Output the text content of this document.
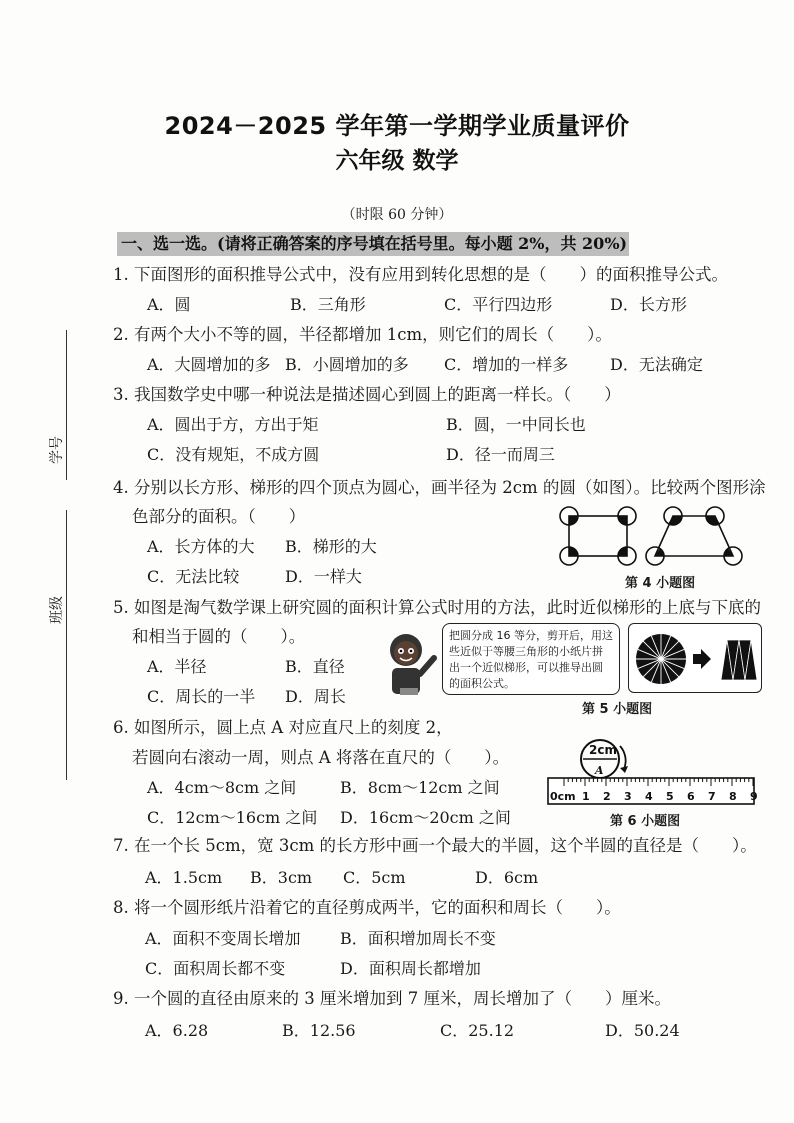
学号
班级
2024－2025 学年第一学期学业质量评价
六年级 数学
（时限 60 分钟）
一、选一选。(请将正确答案的序号填在括号里。每小题 2%，共 20%)
1. 下面图形的面积推导公式中，没有应用到转化思想的是（　　）的面积推导公式。
A．圆	B．三角形	C．平行四边形	D．长方形
2. 有两个大小不等的圆，半径都增加 1cm，则它们的周长（　　）。
A．大圆增加的多 B．小圆增加的多 C．增加的一样多	D．无法确定
3. 我国数学史中哪一种说法是描述圆心到圆上的距离一样长。（　　）
A．圆出于方，方出于矩	B．圆，一中同长也
C．没有规矩，不成方圆	D．径一而周三
4. 分别以长方形、梯形的四个顶点为圆心，画半径为 2cm 的圆（如图）。比较两个图形涂
色部分的面积。（　　）
A．长方体的大 B．梯形的大
C．无法比较	D．一样大	第 4 小题图
5. 如图是淘气数学课上研究圆的面积计算公式时用的方法，此时近似梯形的上底与下底的
和相当于圆的（　　）。
A．半径	B．直径
C．周长的一半 D．周长
把圆分成 16 等分，剪开后，用这些近似于等腰三角形的小纸片拼出一个近似梯形，可以推导出圆的面积公式。
第 5 小题图
6. 如图所示，圆上点 A 对应直尺上的刻度 2，
若圆向右滚动一周，则点 A 将落在直尺的（　　）。
A．4cm～8cm 之间	B．8cm～12cm 之间
C．12cm～16cm 之间 D．16cm～20cm 之间
2cm
A
0cm 1 2 3 4 5 6 7 8 9
第 6 小题图
7. 在一个长 5cm，宽 3cm 的长方形中画一个最大的半圆，这个半圆的直径是（　　）。
A．1.5cm B．3cm C．5cm	D．6cm
8. 将一个圆形纸片沿着它的直径剪成两半，它的面积和周长（　　）。
A．面积不变周长增加 B．面积增加周长不变
C．面积周长都不变	D．面积周长都增加
9. 一个圆的直径由原来的 3 厘米增加到 7 厘米，周长增加了（　　）厘米。
A．6.28	B．12.56	C．25.12	D．50.24
